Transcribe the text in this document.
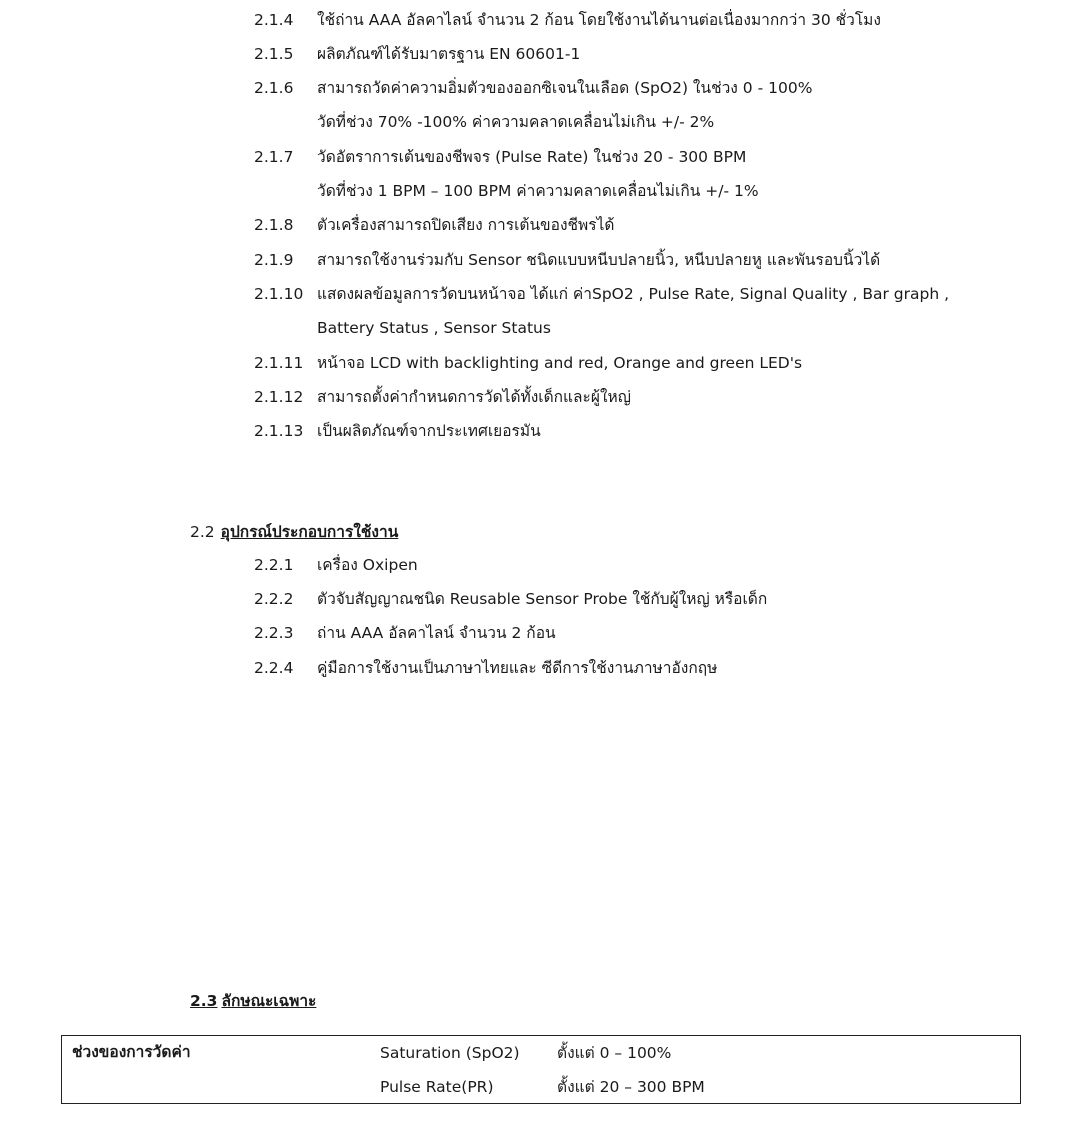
2.1.4 ใช้ถ่าน AAA อัลคาไลน์ จำนวน 2 ก้อน โดยใช้งานได้นานต่อเนื่องมากกว่า 30 ชั่วโมง
2.1.5 ผลิตภัณฑ์ได้รับมาตรฐาน EN 60601-1
2.1.6 สามารถวัดค่าความอิ่มตัวของออกซิเจนในเลือด (SpO2) ในช่วง 0 - 100%
วัดที่ช่วง 70% -100% ค่าความคลาดเคลื่อนไม่เกิน +/- 2%
2.1.7 วัดอัตราการเต้นของชีพจร (Pulse Rate) ในช่วง 20 - 300 BPM
วัดที่ช่วง 1 BPM – 100 BPM ค่าความคลาดเคลื่อนไม่เกิน +/- 1%
2.1.8 ตัวเครื่องสามารถปิดเสียง การเต้นของชีพรได้
2.1.9 สามารถใช้งานร่วมกับ Sensor ชนิดแบบหนีบปลายนิ้ว, หนีบปลายหู และพันรอบนิ้วได้
2.1.10 แสดงผลข้อมูลการวัดบนหน้าจอ ได้แก่ ค่าSpO2 , Pulse Rate, Signal Quality , Bar graph ,
Battery Status , Sensor Status
2.1.11 หน้าจอ LCD with backlighting and red, Orange and green LED's
2.1.12 สามารถตั้งค่ากำหนดการวัดได้ทั้งเด็กและผู้ใหญ่
2.1.13 เป็นผลิตภัณฑ์จากประเทศเยอรมัน
2.2 อุปกรณ์ประกอบการใช้งาน
2.2.1 เครื่อง Oxipen
2.2.2 ตัวจับสัญญาณชนิด Reusable Sensor Probe ใช้กับผู้ใหญ่ หรือเด็ก
2.2.3 ถ่าน AAA อัลคาไลน์ จำนวน 2 ก้อน
2.2.4 คู่มือการใช้งานเป็นภาษาไทยและ ซีดีการใช้งานภาษาอังกฤษ
2.3 ลักษณะเฉพาะ
ช่วงของการวัดค่า	Saturation (SpO2) ตั้งแต่ 0 – 100%
Pulse Rate(PR)	ตั้งแต่ 20 – 300 BPM
